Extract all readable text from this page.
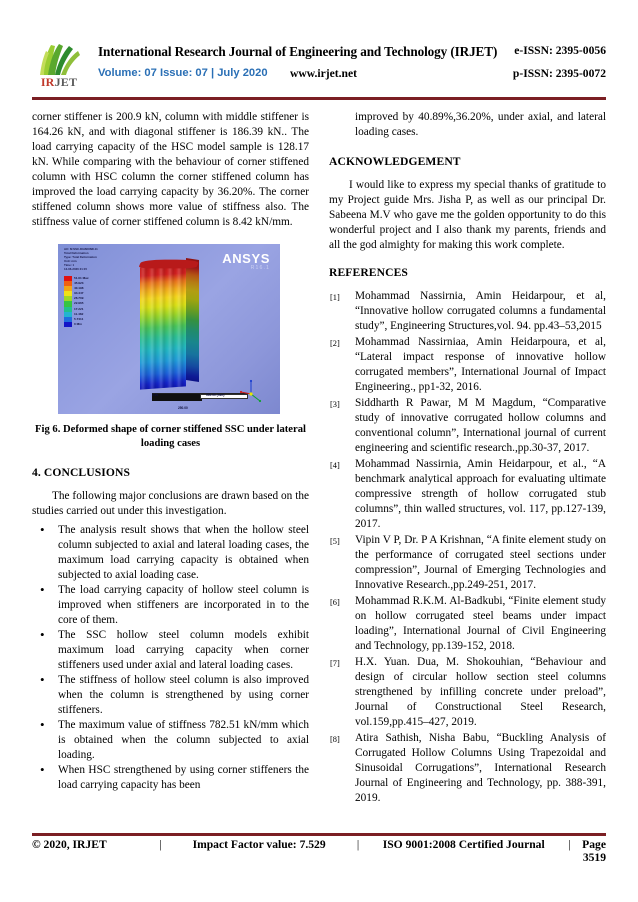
IRJET
International Research Journal of Engineering and Technology (IRJET)
Volume: 07 Issue: 07 | July 2020 www.irjet.net
e-ISSN: 2395-0056
p-ISSN: 2395-0072

corner stiffener is 200.9 kN, column with middle stiffener is 164.26 kN, and with diagonal stiffener is 186.39 kN.. The load carrying capacity of the HSC model sample is 128.17 kN. While comparing with the behaviour of corner stiffened column with HSC column the corner stiffened column has improved the load carrying capacity by 36.20%. The corner stiffened column shows more value of stiffness also. The stiffness value of corner stiffened column is 8.42 kN/mm.

AC: M SSC-DIAMOND.11
Total Deformation
Type: Total Deformation
Unit: mm
Time: 1
12-06-2020 21:15
ANSYS
R16.1
51.61 Max
45.923
40.198
34.447
28.709
22.965
17.221
11.482
5.7411
0 Min
0.00	500.00 (mm)
250.00
Fig 6. Deformed shape of corner stiffened SSC under lateral loading cases
4. CONCLUSIONS

The following major conclusions are drawn based on the studies carried out under this investigation.

• The analysis result shows that when the hollow steel column subjected to axial and lateral loading cases, the maximum load carrying capacity is obtained when subjected to axial loading case.
• The load carrying capacity of hollow steel column is improved when stiffeners are incorporated in to the core of them.
• The SSC hollow steel column models exhibit maximum load carrying capacity when corner stiffeners used under axial and lateral loading cases.
• The stiffness of hollow steel column is also improved when the column is strengthened by using corner stiffeners.
• The maximum value of stiffness 782.51 kN/mm which is obtained when the column subjected to axial loading.
• When HSC strengthened by using corner stiffeners the load carrying capacity has been

improved by 40.89%,36.20%, under axial, and lateral loading cases.

ACKNOWLEDGEMENT

I would like to express my special thanks of gratitude to my Project guide Mrs. Jisha P, as well as our principal Dr. Sabeena M.V who gave me the golden opportunity to do this wonderful project and I also thank my parents, friends and all the god almighty for making this work complete.

REFERENCES
[1] Mohammad Nassirnia, Amin Heidarpour, et al, “Innovative hollow corrugated columns a fundamental study”, Engineering Structures,vol. 94. pp.43–53,2015
[2] Mohammad Nassirniaa, Amin Heidarpoura, et al, “Lateral impact response of innovative hollow corrugated members”, International Journal of Impact Engineering., pp1-32, 2016.
[3] Siddharth R Pawar, M M Magdum, “Comparative study of innovative corrugated hollow columns and conventional column”, International journal of current engineering and scientific research.,pp.30-37, 2017.
[4] Mohammad Nassirnia, Amin Heidarpour, et al., “A benchmark analytical approach for evaluating ultimate compressive strength of hollow corrugated stub columns”, thin walled structures, vol. 117, pp.127-139, 2017.
[5] Vipin V P, Dr. P A Krishnan, “A finite element study on the performance of corrugated steel sections under compression”, Journal of Emerging Technologies and Innovative Research.,pp.249-251, 2017.
[6] Mohammad R.K.M. Al-Badkubi, “Finite element study on hollow corrugated steel beams under impact loading”, International Journal of Civil Engineering and Technology, pp.139-152, 2018.
[7] H.X. Yuan. Dua, M. Shokouhian, “Behaviour and design of circular hollow section steel columns strengthened by infilling concrete under preload”, Journal of Constructional Steel Research, vol.159,pp.415–427, 2019.
[8] Atira Sathish, Nisha Babu, “Buckling Analysis of Corrugated Hollow Columns Using Trapezoidal and Sinusoidal Corrugations”, International Research Journal of Engineering and Technology, pp. 388-391, 2019.
© 2020, IRJET	|	Impact Factor value: 7.529	|	ISO 9001:2008 Certified Journal	| Page 3519
